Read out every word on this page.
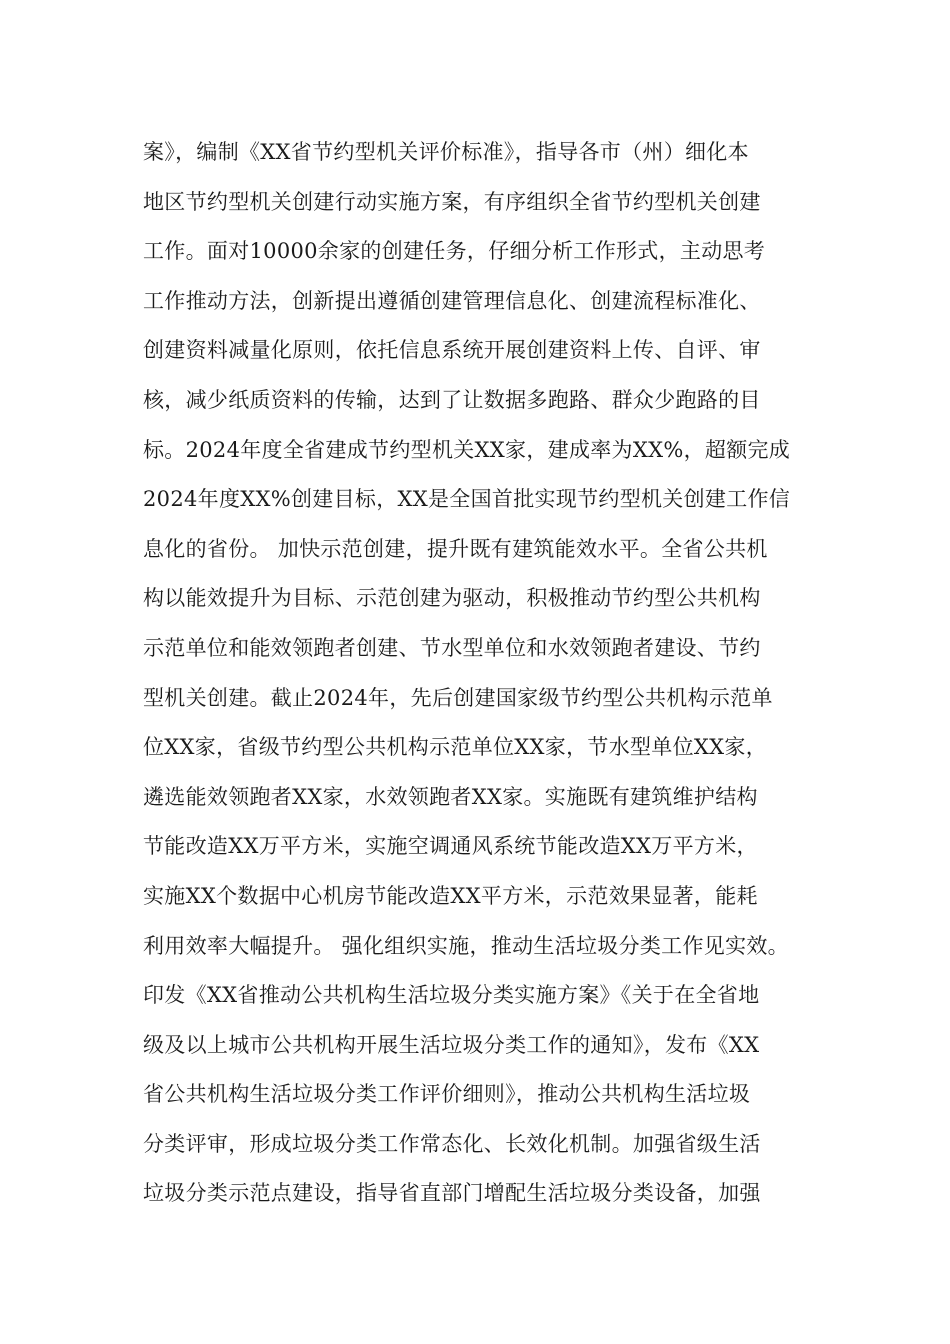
案》，编制《XX省节约型机关评价标准》，指导各市（州）细化本
地区节约型机关创建行动实施方案，有序组织全省节约型机关创建
工作。面对10000余家的创建任务，仔细分析工作形式，主动思考
工作推动方法，创新提出遵循创建管理信息化、创建流程标准化、
创建资料减量化原则，依托信息系统开展创建资料上传、自评、审
核，减少纸质资料的传输，达到了让数据多跑路、群众少跑路的目
标。2024年度全省建成节约型机关XX家，建成率为XX%，超额完成
2024年度XX%创建目标，XX是全国首批实现节约型机关创建工作信
息化的省份。 加快示范创建，提升既有建筑能效水平。全省公共机
构以能效提升为目标、示范创建为驱动，积极推动节约型公共机构
示范单位和能效领跑者创建、节水型单位和水效领跑者建设、节约
型机关创建。截止2024年，先后创建国家级节约型公共机构示范单
位XX家，省级节约型公共机构示范单位XX家，节水型单位XX家，
遴选能效领跑者XX家，水效领跑者XX家。实施既有建筑维护结构
节能改造XX万平方米，实施空调通风系统节能改造XX万平方米，
实施XX个数据中心机房节能改造XX平方米，示范效果显著，能耗
利用效率大幅提升。 强化组织实施，推动生活垃圾分类工作见实效。
印发《XX省推动公共机构生活垃圾分类实施方案》《关于在全省地
级及以上城市公共机构开展生活垃圾分类工作的通知》，发布《XX
省公共机构生活垃圾分类工作评价细则》，推动公共机构生活垃圾
分类评审，形成垃圾分类工作常态化、长效化机制。加强省级生活
垃圾分类示范点建设，指导省直部门增配生活垃圾分类设备，加强
